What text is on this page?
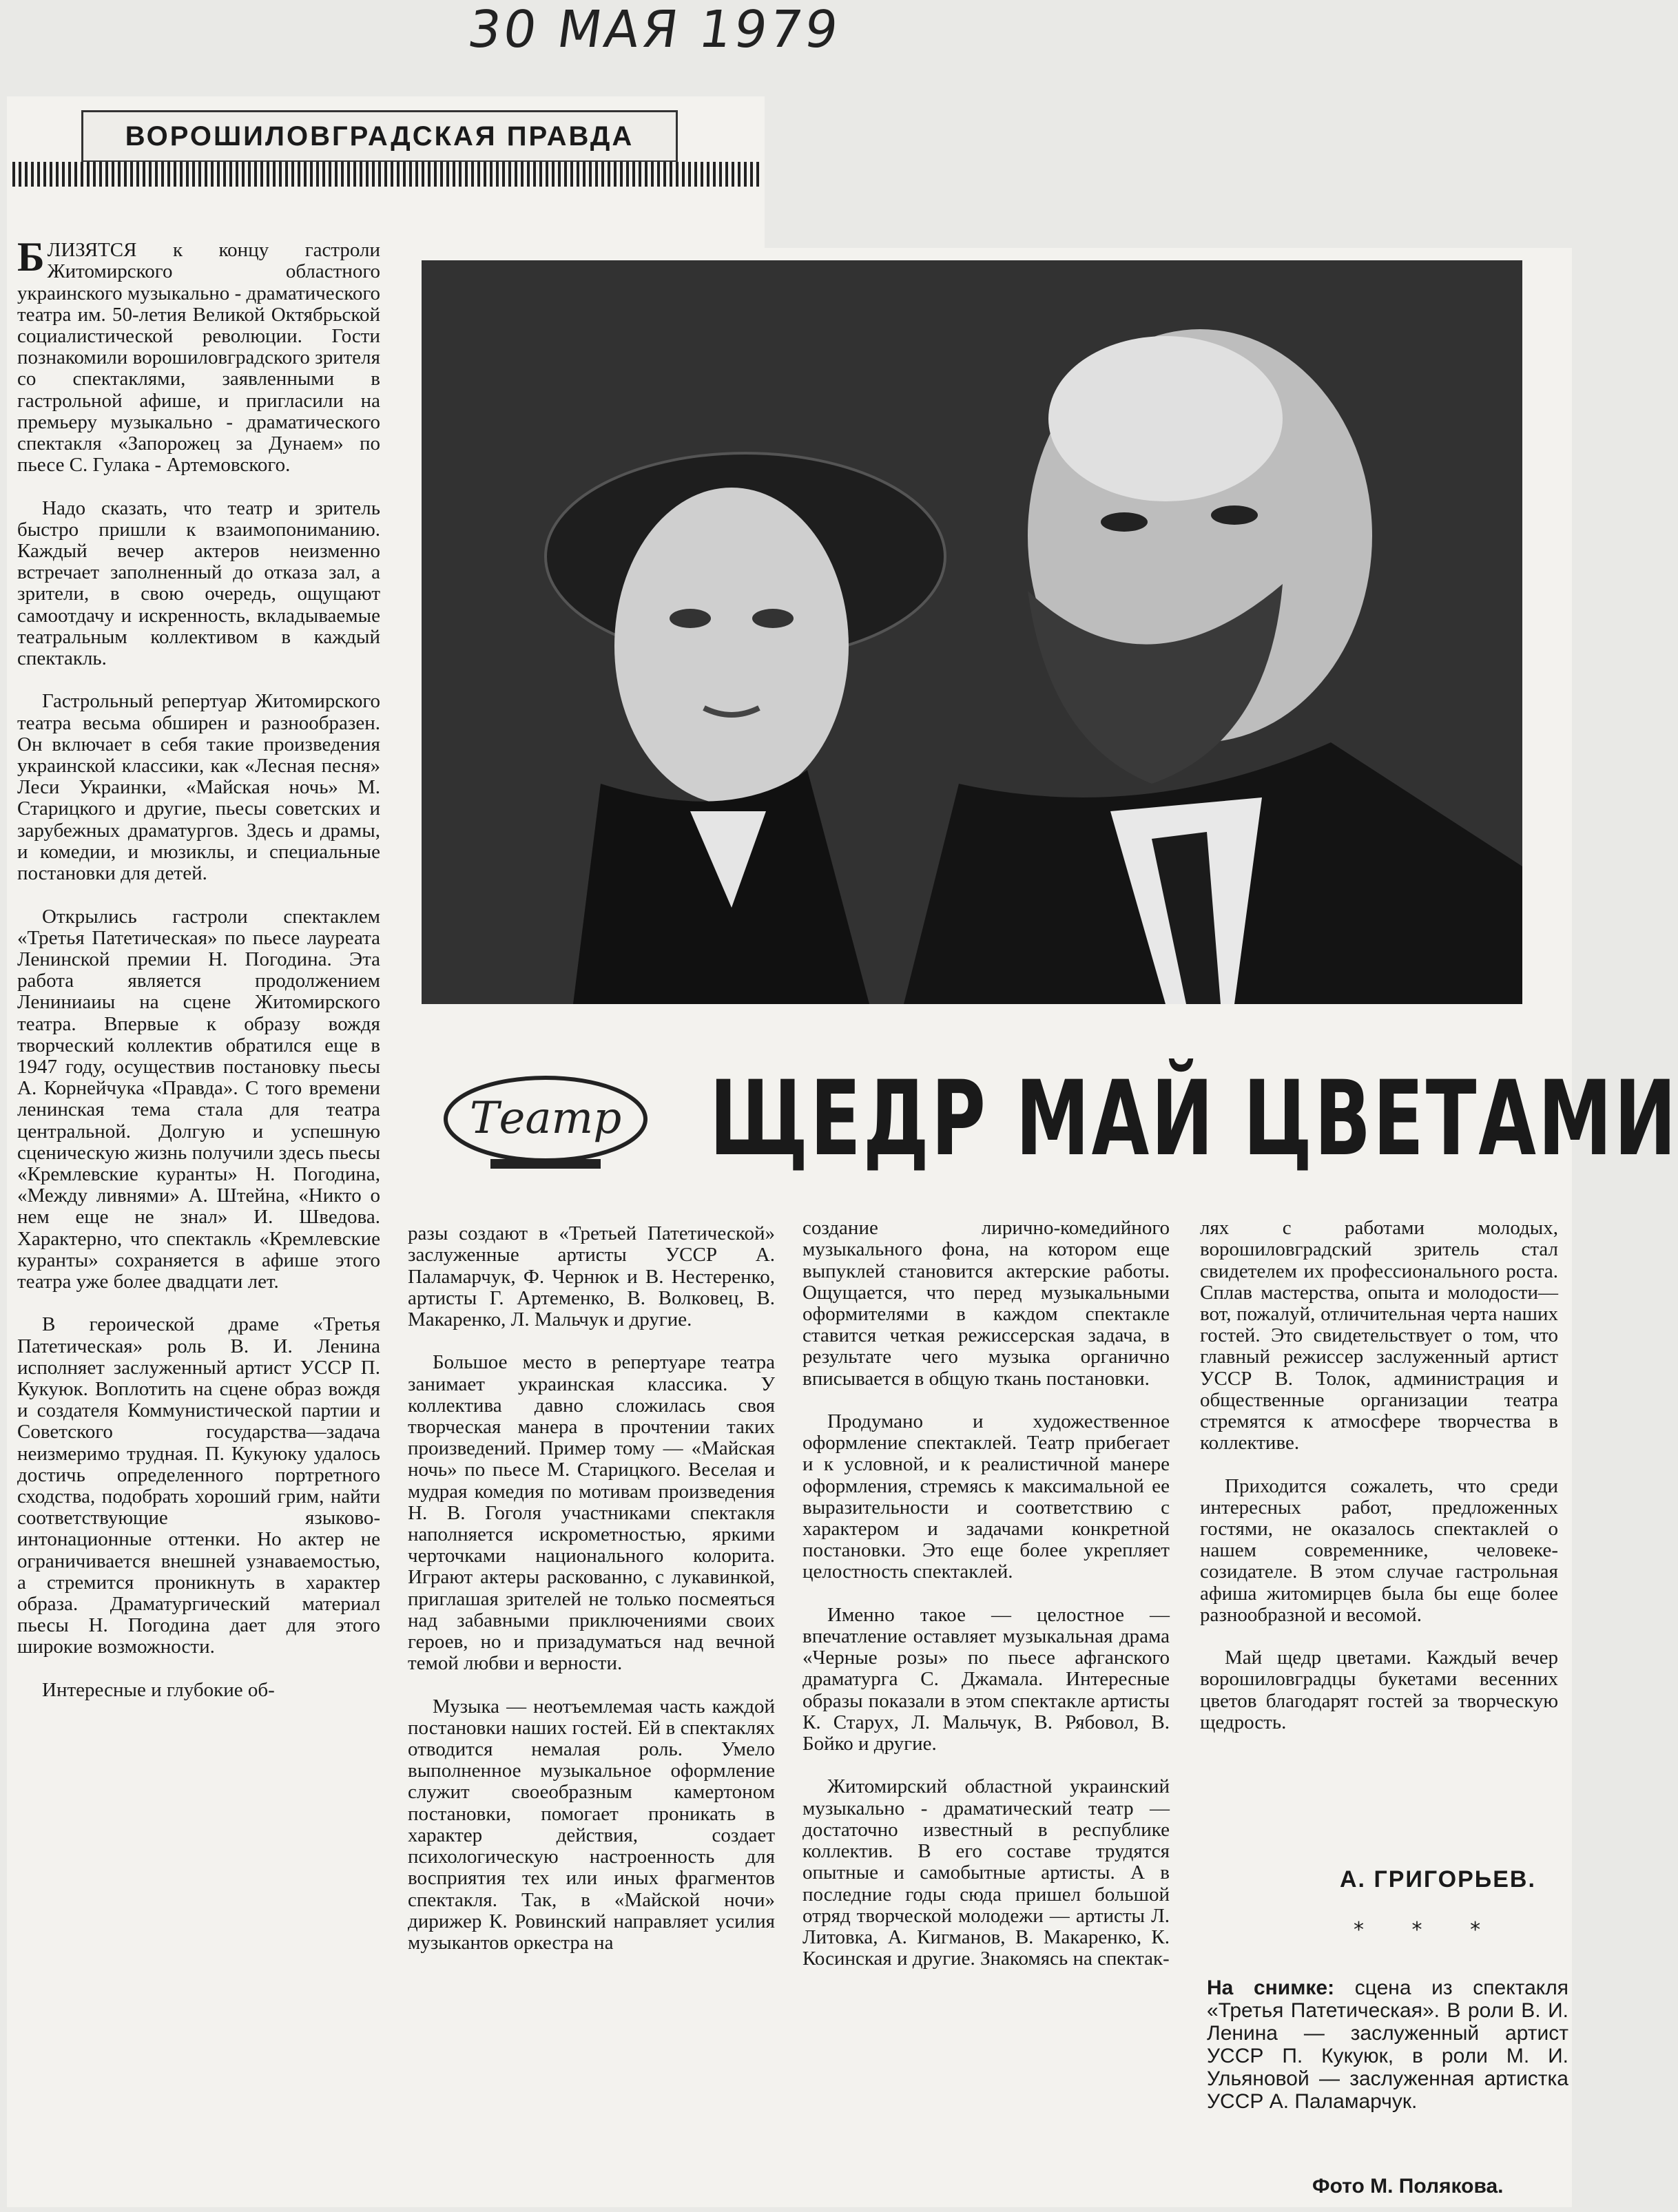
30 МАЯ 1979
ВОРОШИЛОВГРАДСКАЯ ПРАВДА

БЛИЗЯТСЯ к концу гастроли Житомирского областного украинского музыкально - драматического театра им. 50-летия Великой Октябрьской социалистической революции. Гости познакомили ворошиловградского зрителя со спектаклями, заявленными в гастрольной афише, и пригласили на премьеру музыкально - драматического спектакля «Запорожец за Дунаем» по пьесе С. Гулака - Артемовского.

Надо сказать, что театр и зритель быстро пришли к взаимопониманию. Каждый вечер актеров неизменно встречает заполненный до отказа зал, а зрители, в свою очередь, ощущают самоотдачу и искренность, вкладываемые театральным коллективом в каждый спектакль.

Гастрольный репертуар Житомирского театра весьма обширен и разнообразен. Он включает в себя такие произведения украинской классики, как «Лесная песня» Леси Украинки, «Майская ночь» М. Старицкого и другие, пьесы советских и зарубежных драматургов. Здесь и драмы, и комедии, и мюзиклы, и специальные постановки для детей.

Открылись гастроли спектаклем «Третья Патетическая» по пьесе лауреата Ленинской премии Н. Погодина. Эта работа является продолжением Лениниаиы на сцене Житомирского театра. Впервые к образу вождя творческий коллектив обратился еще в 1947 году, осуществив постановку пьесы А. Корнейчука «Правда». С того времени ленинская тема стала для театра центральной. Долгую и успешную сценическую жизнь получили здесь пьесы «Кремлевские куранты» Н. Погодина, «Между ливнями» А. Штейна, «Никто о нем еще не знал» И. Шведова. Характерно, что спектакль «Кремлевские куранты» сохраняется в афише этого театра уже более двадцати лет.

В героической драме «Третья Патетическая» роль В. И. Ленина исполняет заслуженный артист УССР П. Кукуюк. Воплотить на сцене образ вождя и создателя Коммунистической партии и Советского государства—задача неизмеримо трудная. П. Кукуюку удалось достичь определенного портретного сходства, подобрать хороший грим, найти соответствующие языково-интонационные оттенки. Но актер не ограничивается внешней узнаваемостью, а стремится проникнуть в характер образа. Драматургический материал пьесы Н. Погодина дает для этого широкие возможности.

Интересные и глубокие об-

Театр ЩЕДР МАЙ ЦВЕТАМИ

разы создают в «Третьей Патетической» заслуженные артисты УССР А. Паламарчук, Ф. Чернюк и В. Нестеренко, артисты Г. Артеменко, В. Волковец, В. Макаренко, Л. Мальчук и другие.

Большое место в репертуаре театра занимает украинская классика. У коллектива давно сложилась своя творческая манера в прочтении таких произведений. Пример тому — «Майская ночь» по пьесе М. Старицкого. Веселая и мудрая комедия по мотивам произведения Н. В. Гоголя участниками спектакля наполняется искрометностью, яркими черточками национального колорита. Играют актеры раскованно, с лукавинкой, приглашая зрителей не только посмеяться над забавными приключениями своих героев, но и призадуматься над вечной темой любви и верности.

Музыка — неотъемлемая часть каждой постановки наших гостей. Ей в спектаклях отводится немалая роль. Умело выполненное музыкальное оформление служит своеобразным камертоном постановки, помогает проникать в характер действия, создает психологическую настроенность для восприятия тех или иных фрагментов спектакля. Так, в «Майской ночи» дирижер К. Ровинский направляет усилия музыкантов оркестра на

создание лирично-комедийного музыкального фона, на котором еще выпуклей становится актерские работы. Ощущается, что перед музыкальными оформителями в каждом спектакле ставится четкая режиссерская задача, в результате чего музыка органично вписывается в общую ткань постановки.

Продумано и художественное оформление спектаклей. Театр прибегает и к условной, и к реалистичной манере оформления, стремясь к максимальной ее выразительности и соответствию с характером и задачами конкретной постановки. Это еще более укрепляет целостность спектаклей.

Именно такое — целостное — впечатление оставляет музыкальная драма «Черные розы» по пьесе афганского драматурга С. Джамала. Интересные образы показали в этом спектакле артисты К. Старух, Л. Мальчук, В. Рябовол, В. Бойко и другие.

Житомирский областной украинский музыкально - драматический театр — достаточно известный в республике коллектив. В его составе трудятся опытные и самобытные артисты. А в последние годы сюда пришел большой отряд творческой молодежи — артисты Л. Литовка, А. Кигманов, В. Макаренко, К. Косинская и другие. Знакомясь на спектак-

лях с работами молодых, ворошиловградский зритель стал свидетелем их профессионального роста. Сплав мастерства, опыта и молодости—вот, пожалуй, отличительная черта наших гостей. Это свидетельствует о том, что главный режиссер заслуженный артист УССР В. Толок, администрация и общественные организации театра стремятся к атмосфере творчества в коллективе.

Приходится сожалеть, что среди интересных работ, предложенных гостями, не оказалось спектаклей о нашем современнике, человеке-созидателе. В этом случае гастрольная афиша житомирцев была бы еще более разнообразной и весомой.

Май щедр цветами. Каждый вечер ворошиловградцы букетами весенних цветов благодарят гостей за творческую щедрость.

А. ГРИГОРЬЕВ.
* * *
На снимке: сцена из спектакля «Третья Патетическая». В роли В. И. Ленина — заслуженный артист УССР П. Кукуюк, в роли М. И. Ульяновой — заслуженная артистка УССР А. Паламарчук.
Фото М. Полякова.
